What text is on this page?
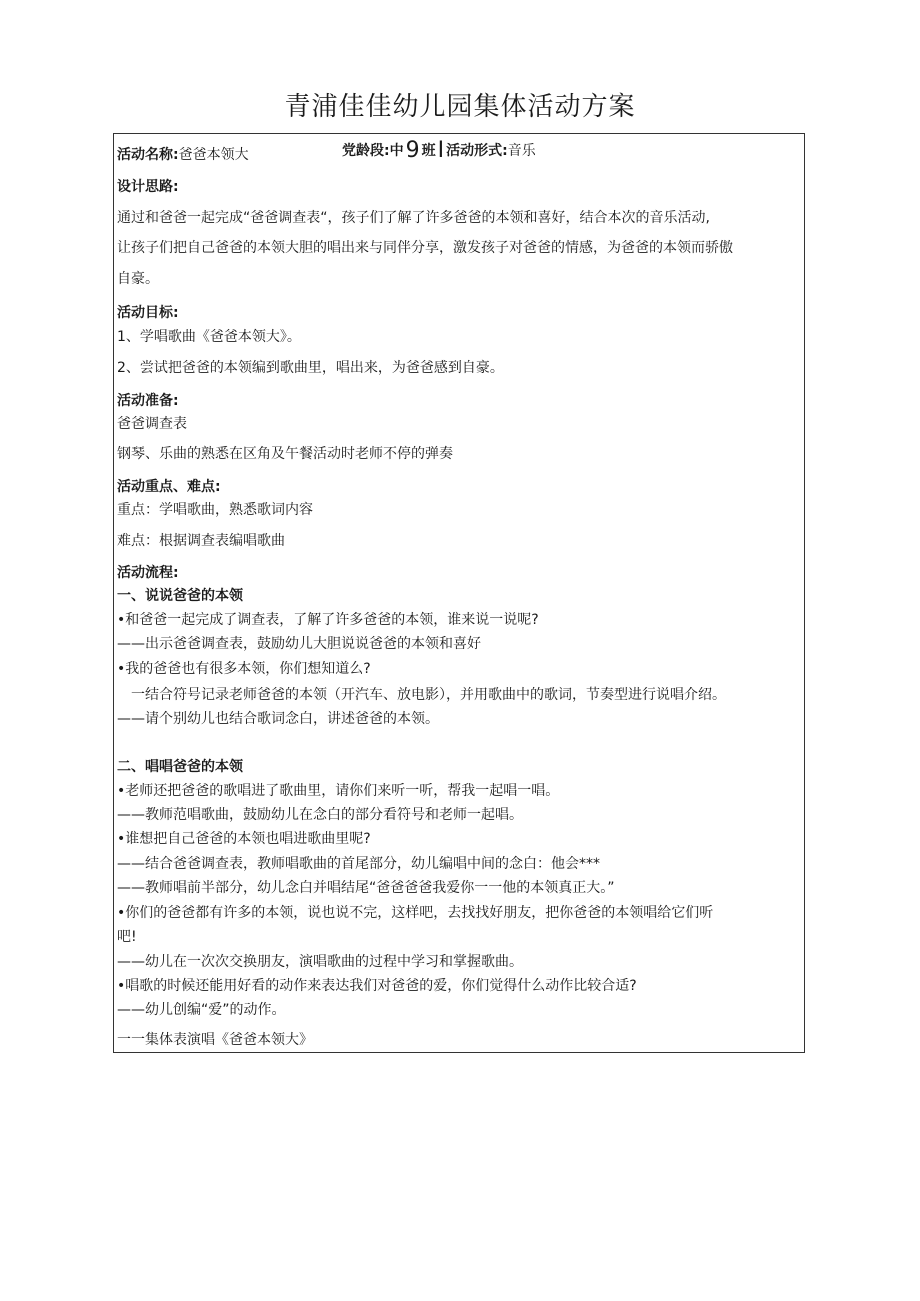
青浦佳佳幼儿园集体活动方案
活动名称:爸爸本领大	党龄段:中9 班I 活动形式:音乐
设计思路:
通过和爸爸一起完成“爸爸调查表“，孩子们了解了许多爸爸的本领和喜好，结合本次的音乐活动,
让孩子们把自己爸爸的本领大胆的唱出来与同伴分享，激发孩子对爸爸的情感，为爸爸的本领而骄傲
自豪。
活动目标:
1、学唱歌曲《爸爸本领大》。
2、尝试把爸爸的本领编到歌曲里，唱出来，为爸爸感到自豪。
活动准备:
爸爸调查表
钢琴、乐曲的熟悉在区角及午餐活动时老师不停的弹奏
活动重点、难点:
重点：学唱歌曲，熟悉歌词内容
难点：根据调查表编唱歌曲
活动流程:
一、说说爸爸的本领
•和爸爸一起完成了调查表，了解了许多爸爸的本领，谁来说一说呢?
——出示爸爸调查表，鼓励幼儿大胆说说爸爸的本领和喜好
•我的爸爸也有很多本领，你们想知道么?
一结合符号记录老师爸爸的本领（开汽车、放电影），并用歌曲中的歌词，节奏型进行说唱介绍。
——请个别幼儿也结合歌词念白，讲述爸爸的本领。
二、唱唱爸爸的本领
•老师还把爸爸的歌唱进了歌曲里，请你们来听一听，帮我一起唱一唱。
——教师范唱歌曲，鼓励幼儿在念白的部分看符号和老师一起唱。
•谁想把自己爸爸的本领也唱进歌曲里呢?
——结合爸爸调查表，教师唱歌曲的首尾部分，幼儿编唱中间的念白：他会***
——教师唱前半部分，幼儿念白并唱结尾“爸爸爸爸我爱你一一他的本领真正大。”
•你们的爸爸都有许多的本领，说也说不完，这样吧，去找找好朋友，把你爸爸的本领唱给它们听
吧!
——幼儿在一次次交换朋友，演唱歌曲的过程中学习和掌握歌曲。
•唱歌的时候还能用好看的动作来表达我们对爸爸的爱，你们觉得什么动作比较合适?
——幼儿创编“爱”的动作。
一一集体表演唱《爸爸本领大》
